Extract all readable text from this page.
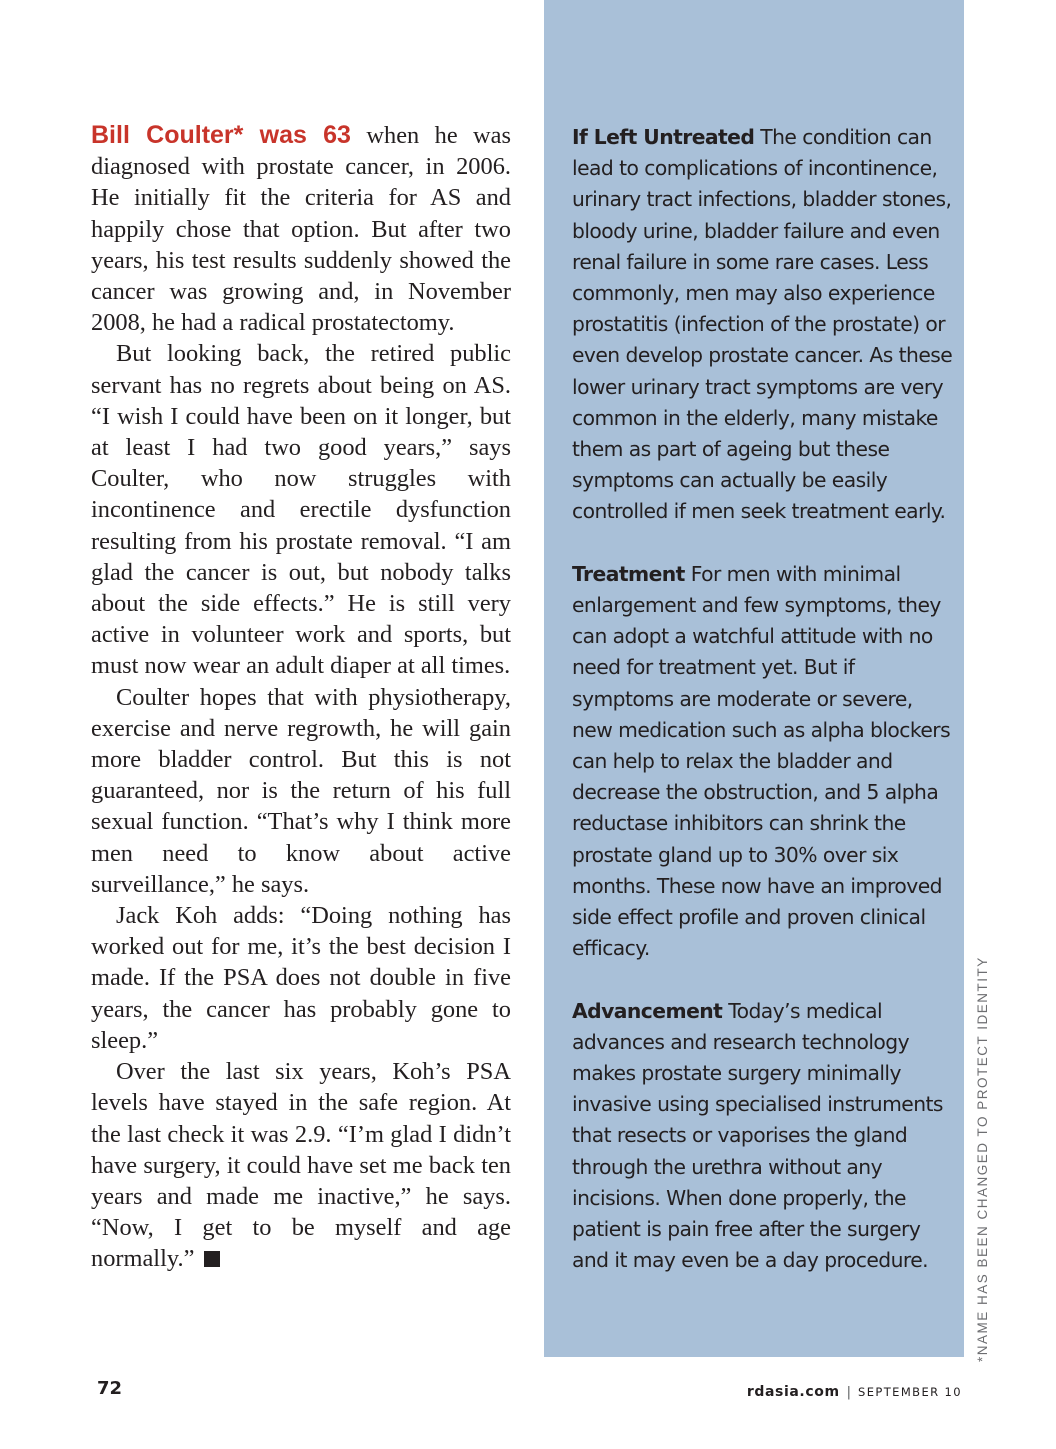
Bill Coulter* was 63 when he was diagnosed with prostate cancer, in 2006. He initially fit the criteria for AS and happily chose that option. But after two years, his test results suddenly showed the cancer was growing and, in November 2008, he had a radical prostatectomy.

But looking back, the retired public servant has no regrets about being on AS. “I wish I could have been on it longer, but at least I had two good years,” says Coulter, who now struggles with incontinence and erectile dysfunction resulting from his prostate removal. “I am glad the cancer is out, but nobody talks about the side effects.” He is still very active in volunteer work and sports, but must now wear an adult diaper at all times.

Coulter hopes that with physiotherapy, exercise and nerve regrowth, he will gain more bladder control. But this is not guaranteed, nor is the return of his full sexual function. “That’s why I think more men need to know about active surveillance,” he says.

Jack Koh adds: “Doing nothing has worked out for me, it’s the best decision I made. If the PSA does not double in five years, the cancer has probably gone to sleep.”

Over the last six years, Koh’s PSA levels have stayed in the safe region. At the last check it was 2.9. “I’m glad I didn’t have surgery, it could have set me back ten years and made me inactive,” he says. “Now, I get to be myself and age normally.”

If Left Untreated The condition can lead to complications of incontinence, urinary tract infections, bladder stones, bloody urine, bladder failure and even renal failure in some rare cases. Less commonly, men may also experience prostatitis (infection of the prostate) or even develop prostate cancer. As these lower urinary tract symptoms are very common in the elderly, many mistake them as part of ageing but these symptoms can actually be easily controlled if men seek treatment early.

Treatment For men with minimal enlargement and few symptoms, they can adopt a watchful attitude with no need for treatment yet. But if symptoms are moderate or severe, new medication such as alpha blockers can help to relax the bladder and decrease the obstruction, and 5 alpha reductase inhibitors can shrink the prostate gland up to 30% over six months. These now have an improved side effect profile and proven clinical efficacy.

Advancement Today’s medical advances and research technology makes prostate surgery minimally invasive using specialised instruments that resects or vaporises the gland through the urethra without any incisions. When done properly, the patient is pain free after the surgery and it may even be a day procedure.	*NAME HAS BEEN CHANGED TO PROTECT IDENTITY
72	rdasia.com | SEPTEMBER 10
